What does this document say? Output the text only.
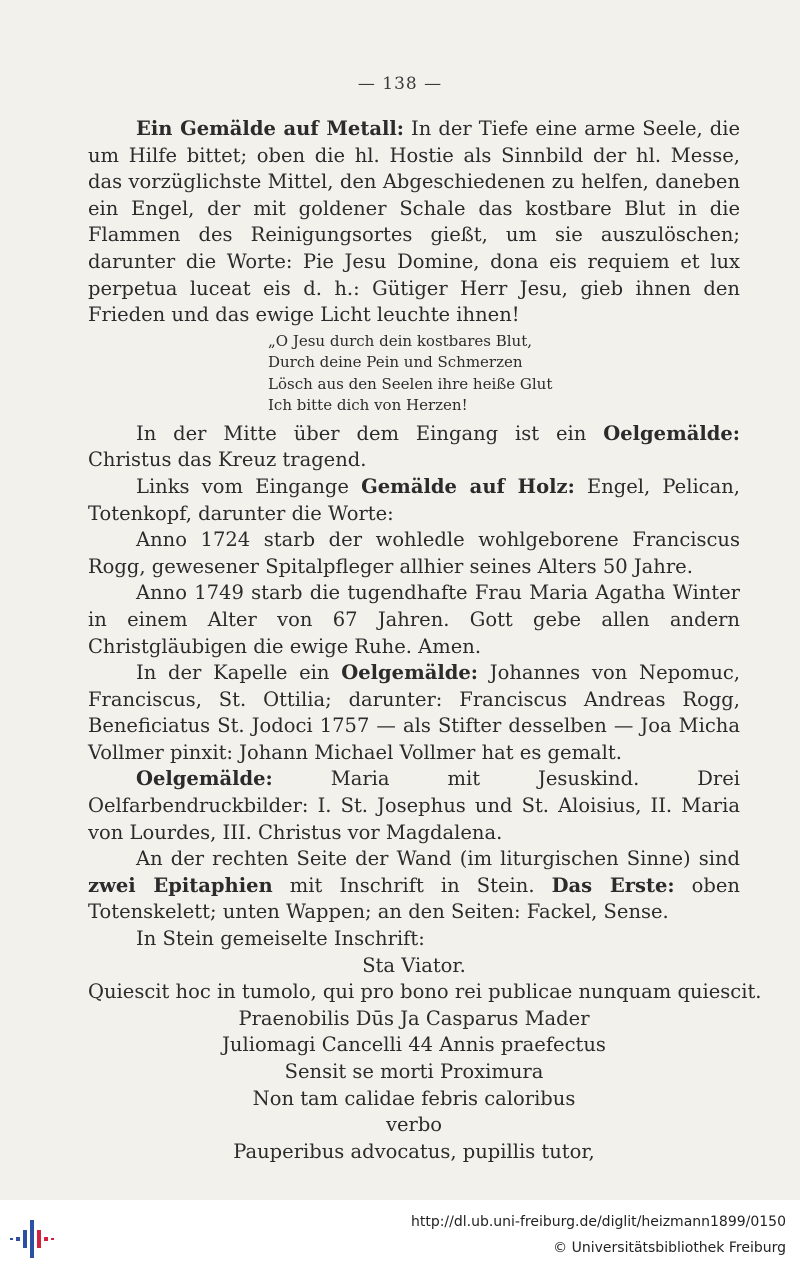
— 138 —

Ein Gemälde auf Metall: In der Tiefe eine arme Seele, die um Hilfe bittet; oben die hl. Hostie als Sinnbild der hl. Messe, das vorzüglichste Mittel, den Abgeschiedenen zu helfen, daneben ein Engel, der mit goldener Schale das kostbare Blut in die Flammen des Reinigungsortes gießt, um sie auszulöschen; darunter die Worte: Pie Jesu Domine, dona eis requiem et lux perpetua luceat eis d. h.: Gütiger Herr Jesu, gieb ihnen den Frieden und das ewige Licht leuchte ihnen!

„O Jesu durch dein kostbares Blut,
Durch deine Pein und Schmerzen
Lösch aus den Seelen ihre heiße Glut
Ich bitte dich von Herzen!

In der Mitte über dem Eingang ist ein Oelgemälde: Christus das Kreuz tragend.

Links vom Eingange Gemälde auf Holz: Engel, Pelican, Totenkopf, darunter die Worte:

Anno 1724 starb der wohledle wohlgeborene Franciscus Rogg, gewesener Spitalpfleger allhier seines Alters 50 Jahre.

Anno 1749 starb die tugendhafte Frau Maria Agatha Winter in einem Alter von 67 Jahren. Gott gebe allen andern Christgläubigen die ewige Ruhe. Amen.

In der Kapelle ein Oelgemälde: Johannes von Nepomuc, Franciscus, St. Ottilia; darunter: Franciscus Andreas Rogg, Beneficiatus St. Jodoci 1757 — als Stifter desselben — Joa Micha Vollmer pinxit: Johann Michael Vollmer hat es gemalt.

Oelgemälde: Maria mit Jesuskind. Drei Oelfarbendruckbilder: I. St. Josephus und St. Aloisius, II. Maria von Lourdes, III. Christus vor Magdalena.

An der rechten Seite der Wand (im liturgischen Sinne) sind zwei Epitaphien mit Inschrift in Stein. Das Erste: oben Totenskelett; unten Wappen; an den Seiten: Fackel, Sense.

In Stein gemeiselte Inschrift:

Sta Viator.

Quiescit hoc in tumolo, qui pro bono rei publicae nunquam quiescit.

Praenobilis Dūs Ja Casparus Mader

Juliomagi Cancelli 44 Annis praefectus

Sensit se morti Proximura

Non tam calidae febris caloribus

verbo

Pauperibus advocatus, pupillis tutor,

http://dl.ub.uni-freiburg.de/diglit/heizmann1899/0150
© Universitätsbibliothek Freiburg
